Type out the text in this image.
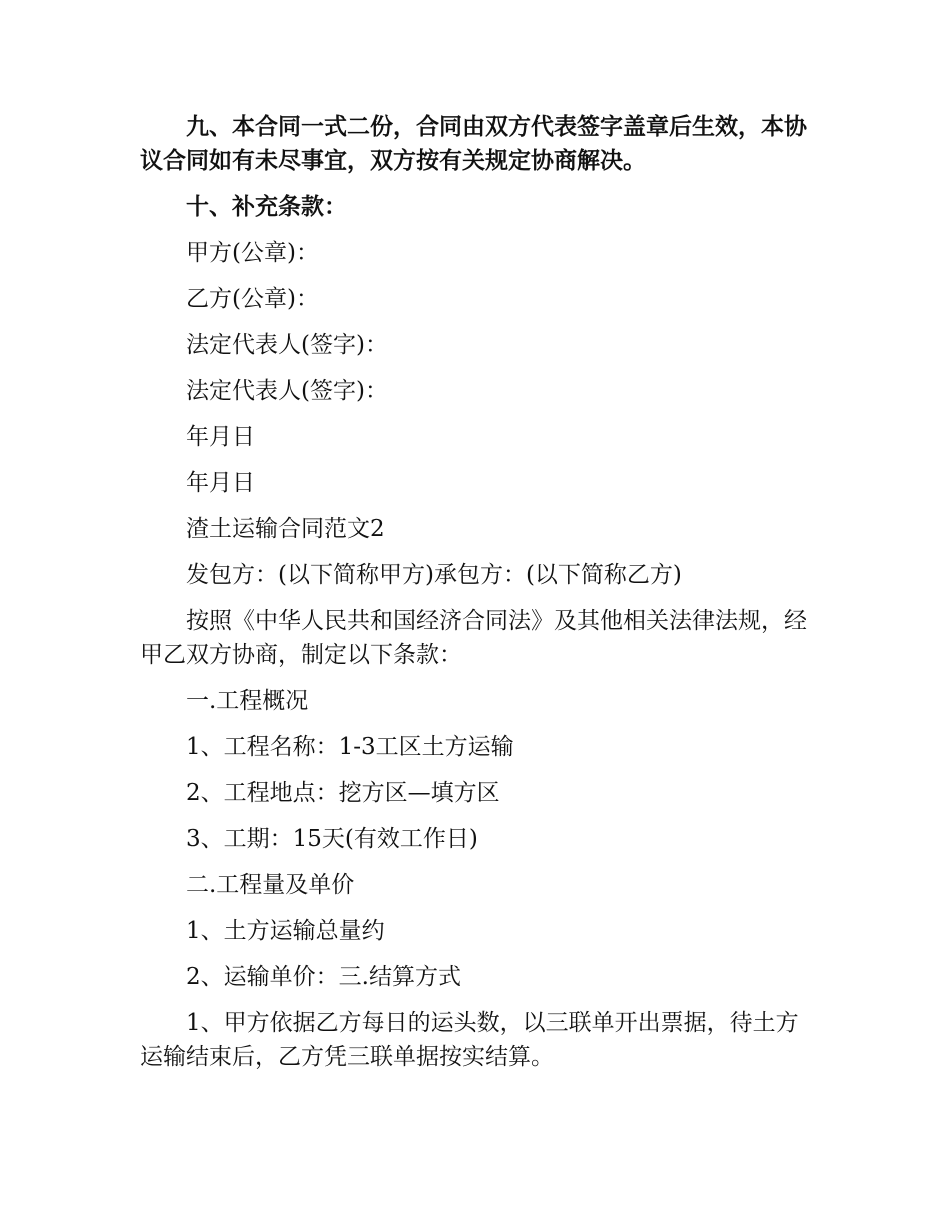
九、本合同一式二份，合同由双方代表签字盖章后生效，本协议合同如有未尽事宜，双方按有关规定协商解决。

十、补充条款：

甲方(公章)：

乙方(公章)：

法定代表人(签字)：

法定代表人(签字)：

年月日

年月日

渣土运输合同范文2

发包方：(以下简称甲方)承包方：(以下简称乙方)

按照《中华人民共和国经济合同法》及其他相关法律法规，经甲乙双方协商，制定以下条款：

一.工程概况

1、工程名称：1-3工区土方运输

2、工程地点：挖方区—填方区

3、工期：15天(有效工作日)

二.工程量及单价

1、土方运输总量约

2、运输单价：三.结算方式

1、甲方依据乙方每日的运头数，以三联单开出票据，待土方运输结束后，乙方凭三联单据按实结算。
